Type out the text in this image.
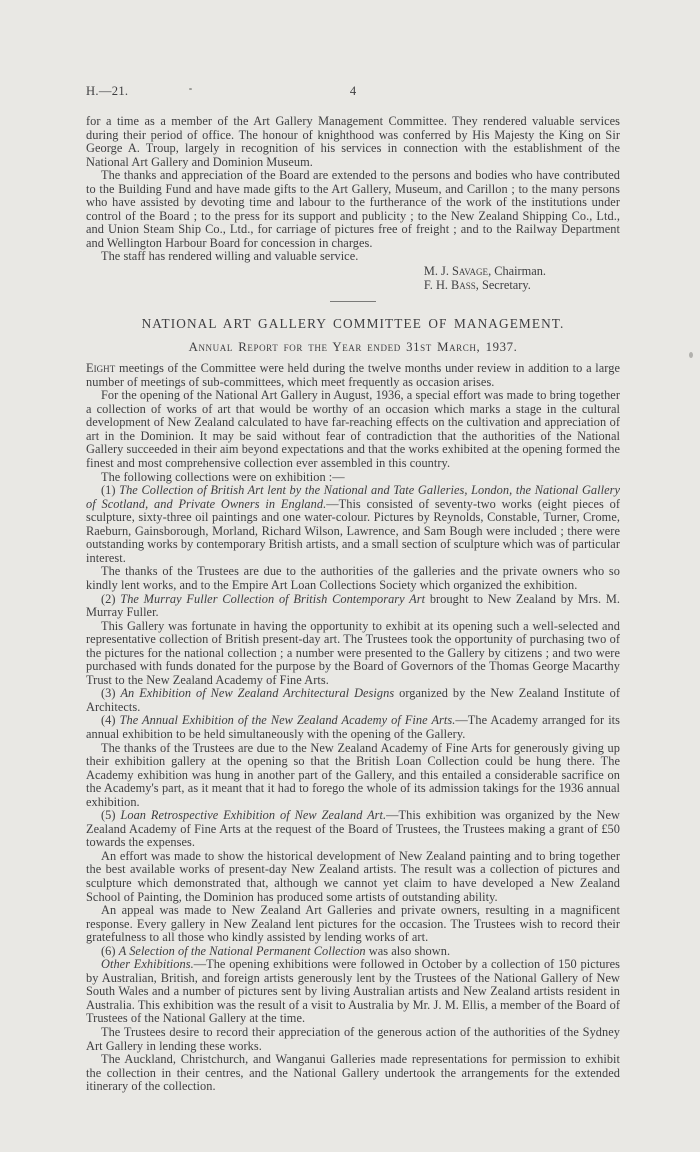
H.—21.	4

for a time as a member of the Art Gallery Management Committee. They rendered valuable services during their period of office. The honour of knighthood was conferred by His Majesty the King on Sir George A. Troup, largely in recognition of his services in connection with the establishment of the National Art Gallery and Dominion Museum.

The thanks and appreciation of the Board are extended to the persons and bodies who have contributed to the Building Fund and have made gifts to the Art Gallery, Museum, and Carillon ; to the many persons who have assisted by devoting time and labour to the furtherance of the work of the institutions under control of the Board ; to the press for its support and publicity ; to the New Zealand Shipping Co., Ltd., and Union Steam Ship Co., Ltd., for carriage of pictures free of freight ; and to the Railway Department and Wellington Harbour Board for concession in charges.

The staff has rendered willing and valuable service.

M. J. Savage, Chairman.
F. H. Bass, Secretary.
NATIONAL ART GALLERY COMMITTEE OF MANAGEMENT.
Annual Report for the Year ended 31st March, 1937.

Eight meetings of the Committee were held during the twelve months under review in addition to a large number of meetings of sub-committees, which meet frequently as occasion arises.

For the opening of the National Art Gallery in August, 1936, a special effort was made to bring together a collection of works of art that would be worthy of an occasion which marks a stage in the cultural development of New Zealand calculated to have far-reaching effects on the cultivation and appreciation of art in the Dominion. It may be said without fear of contradiction that the authorities of the National Gallery succeeded in their aim beyond expectations and that the works exhibited at the opening formed the finest and most comprehensive collection ever assembled in this country.

The following collections were on exhibition :—

(1) The Collection of British Art lent by the National and Tate Galleries, London, the National Gallery of Scotland, and Private Owners in England.—This consisted of seventy-two works (eight pieces of sculpture, sixty-three oil paintings and one water-colour. Pictures by Reynolds, Constable, Turner, Crome, Raeburn, Gainsborough, Morland, Richard Wilson, Lawrence, and Sam Bough were included ; there were outstanding works by contemporary British artists, and a small section of sculpture which was of particular interest.

The thanks of the Trustees are due to the authorities of the galleries and the private owners who so kindly lent works, and to the Empire Art Loan Collections Society which organized the exhibition.

(2) The Murray Fuller Collection of British Contemporary Art brought to New Zealand by Mrs. M. Murray Fuller.

This Gallery was fortunate in having the opportunity to exhibit at its opening such a well-selected and representative collection of British present-day art. The Trustees took the opportunity of purchasing two of the pictures for the national collection ; a number were presented to the Gallery by citizens ; and two were purchased with funds donated for the purpose by the Board of Governors of the Thomas George Macarthy Trust to the New Zealand Academy of Fine Arts.

(3) An Exhibition of New Zealand Architectural Designs organized by the New Zealand Institute of Architects.

(4) The Annual Exhibition of the New Zealand Academy of Fine Arts.—The Academy arranged for its annual exhibition to be held simultaneously with the opening of the Gallery.

The thanks of the Trustees are due to the New Zealand Academy of Fine Arts for generously giving up their exhibition gallery at the opening so that the British Loan Collection could be hung there. The Academy exhibition was hung in another part of the Gallery, and this entailed a considerable sacrifice on the Academy's part, as it meant that it had to forego the whole of its admission takings for the 1936 annual exhibition.

(5) Loan Retrospective Exhibition of New Zealand Art.—This exhibition was organized by the New Zealand Academy of Fine Arts at the request of the Board of Trustees, the Trustees making a grant of £50 towards the expenses.

An effort was made to show the historical development of New Zealand painting and to bring together the best available works of present-day New Zealand artists. The result was a collection of pictures and sculpture which demonstrated that, although we cannot yet claim to have developed a New Zealand School of Painting, the Dominion has produced some artists of outstanding ability.

An appeal was made to New Zealand Art Galleries and private owners, resulting in a magnificent response. Every gallery in New Zealand lent pictures for the occasion. The Trustees wish to record their gratefulness to all those who kindly assisted by lending works of art.

(6) A Selection of the National Permanent Collection was also shown.

Other Exhibitions.—The opening exhibitions were followed in October by a collection of 150 pictures by Australian, British, and foreign artists generously lent by the Trustees of the National Gallery of New South Wales and a number of pictures sent by living Australian artists and New Zealand artists resident in Australia. This exhibition was the result of a visit to Australia by Mr. J. M. Ellis, a member of the Board of Trustees of the National Gallery at the time.

The Trustees desire to record their appreciation of the generous action of the authorities of the Sydney Art Gallery in lending these works.

The Auckland, Christchurch, and Wanganui Galleries made representations for permission to exhibit the collection in their centres, and the National Gallery undertook the arrangements for the extended itinerary of the collection.
